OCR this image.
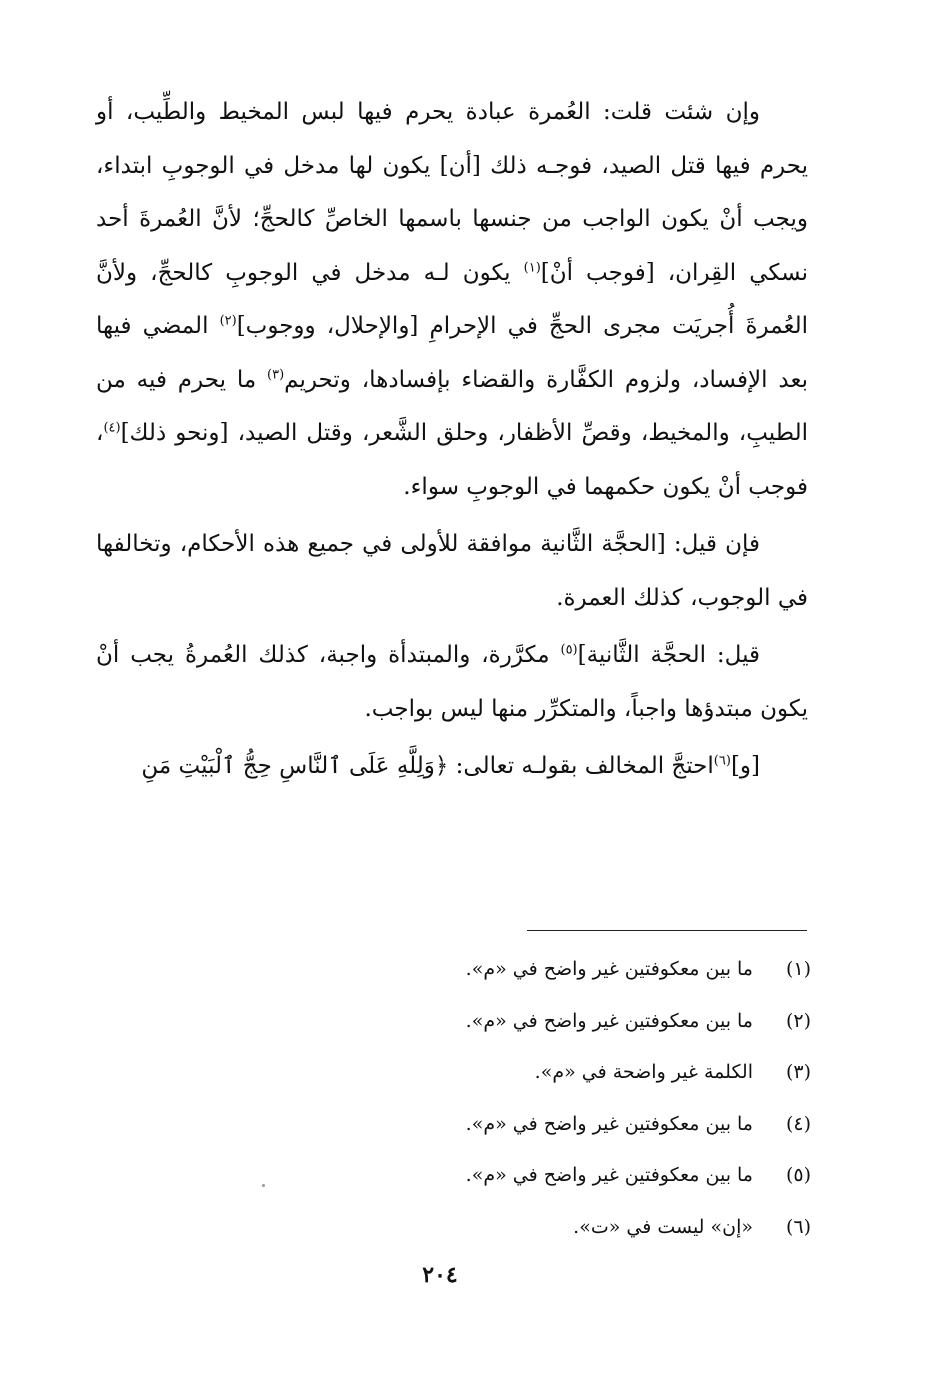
وإن شئت قلت: العُمرة عبادة يحرم فيها لبس المخيط والطِّيب، أو يحرم فيها قتل الصيد، فوجـه ذلك [أن] يكون لها مدخل في الوجوبِ ابتداء، ويجب أنْ يكون الواجب من جنسها باسمها الخاصِّ كالحجِّ؛ لأنَّ العُمرةَ أحد نسكي القِران، [فوجب أنْ]$^{(١)}$ يكون لـه مدخل في الوجوبِ كالحجِّ، ولأنَّ العُمرةَ أُجريَت مجرى الحجِّ في الإحرامِ [والإحلال، ووجوب]$^{(٢)}$ المضي فيها بعد الإفساد، ولزوم الكفَّارة والقضاء بإفسادها، وتحريم$^{(٣)}$ ما يحرم فيه من الطيبِ، والمخيط، وقصِّ الأظفار، وحلق الشَّعر، وقتل الصيد، [ونحو ذلك]$^{(٤)}$، فوجب أنْ يكون حكمهما في الوجوبِ سواء.

فإن قيل: [الحجَّة الثَّانية موافقة للأولى في جميع هذه الأحكام، وتخالفها في الوجوب، كذلك العمرة.

قيل: الحجَّة الثَّانية]$^{(٥)}$ مكرَّرة، والمبتدأة واجبة، كذلك العُمرةُ يجب أنْ يكون مبتدؤها واجباً، والمتكرِّر منها ليس بواجب.

[و]$^{(٦)}$احتجَّ المخالف بقولـه تعالى: ﴿وَلِلَّهِ عَلَى ٱلنَّاسِ حِجُّ ٱلْبَيْتِ مَنِ

(١)ما بين معكوفتين غير واضح في «م».
(٢)ما بين معكوفتين غير واضح في «م».
(٣)الكلمة غير واضحة في «م».
(٤)ما بين معكوفتين غير واضح في «م».
(٥)ما بين معكوفتين غير واضح في «م».
(٦)«إن» ليست في «ت».
٢٠٤
